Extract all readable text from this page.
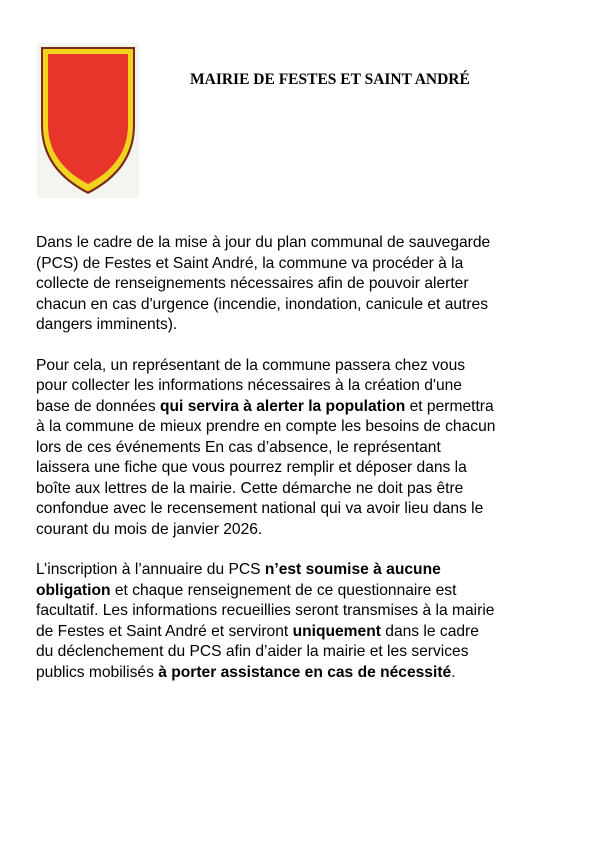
MAIRIE DE FESTES ET SAINT ANDRÉ

Dans le cadre de la mise à jour du plan communal de sauvegarde
(PCS) de Festes et Saint André, la commune va procéder à la
collecte de renseignements nécessaires afin de pouvoir alerter
chacun en cas d'urgence (incendie, inondation, canicule et autres
dangers imminents).

Pour cela, un représentant de la commune passera chez vous
pour collecter les informations nécessaires à la création d'une
base de données qui servira à alerter la population et permettra
à la commune de mieux prendre en compte les besoins de chacun
lors de ces événements En cas d’absence, le représentant
laissera une fiche que vous pourrez remplir et déposer dans la
boîte aux lettres de la mairie. Cette démarche ne doit pas être
confondue avec le recensement national qui va avoir lieu dans le
courant du mois de janvier 2026.

L’inscription à l’annuaire du PCS n’est soumise à aucune
obligation et chaque renseignement de ce questionnaire est
facultatif. Les informations recueillies seront transmises à la mairie
de Festes et Saint André et serviront uniquement dans le cadre
du déclenchement du PCS afin d’aider la mairie et les services
publics mobilisés à porter assistance en cas de nécessité.
